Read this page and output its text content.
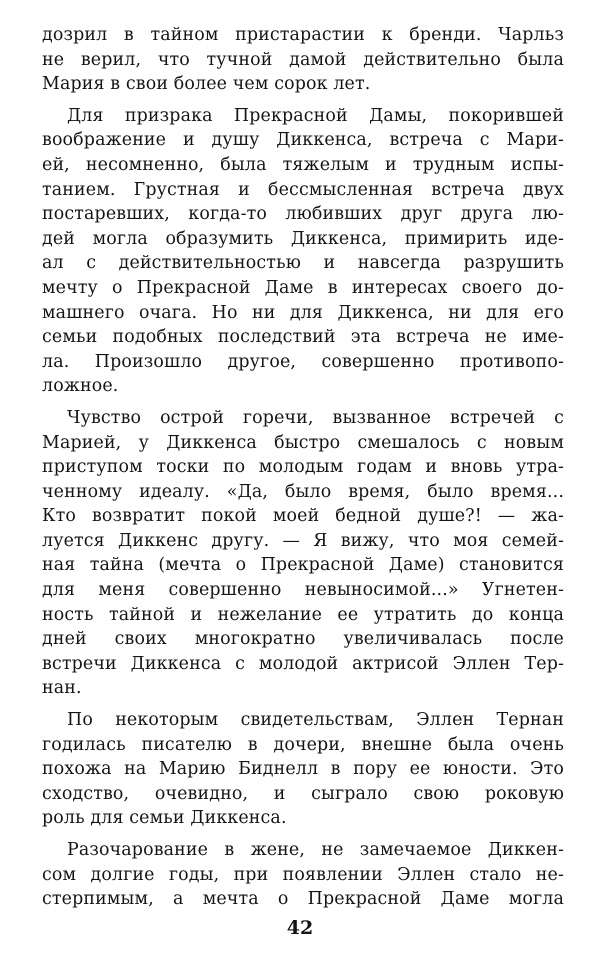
дозрил в тайном пристарастии к бренди. Чарльз
не верил, что тучной дамой действительно была
Мария в свои более чем сорок лет.
Для призрака Прекрасной Дамы, покорившей
воображение и душу Диккенса, встреча с Мари-
ей, несомненно, была тяжелым и трудным испы-
танием. Грустная и бессмысленная встреча двух
постаревших, когда-то любивших друг друга лю-
дей могла образумить Диккенса, примирить иде-
ал с действительностью и навсегда разрушить
мечту о Прекрасной Даме в интересах своего до-
машнего очага. Но ни для Диккенса, ни для его
семьи подобных последствий эта встреча не име-
ла. Произошло другое, совершенно противопо-
ложное.
Чувство острой горечи, вызванное встречей с
Марией, у Диккенса быстро смешалось с новым
приступом тоски по молодым годам и вновь утра-
ченному идеалу. «Да, было время, было время...
Кто возвратит покой моей бедной душе?! — жа-
луется Диккенс другу. — Я вижу, что моя семей-
ная тайна (мечта о Прекрасной Даме) становится
для меня совершенно невыносимой...» Угнетен-
ность тайной и нежелание ее утратить до конца
дней своих многократно увеличивалась после
встречи Диккенса с молодой актрисой Эллен Тер-
нан.
По некоторым свидетельствам, Эллен Тернан
годилась писателю в дочери, внешне была очень
похожа на Марию Биднелл в пору ее юности. Это
сходство, очевидно, и сыграло свою роковую
роль для семьи Диккенса.
Разочарование в жене, не замечаемое Диккен-
сом долгие годы, при появлении Эллен стало не-
стерпимым, а мечта о Прекрасной Даме могла
42
